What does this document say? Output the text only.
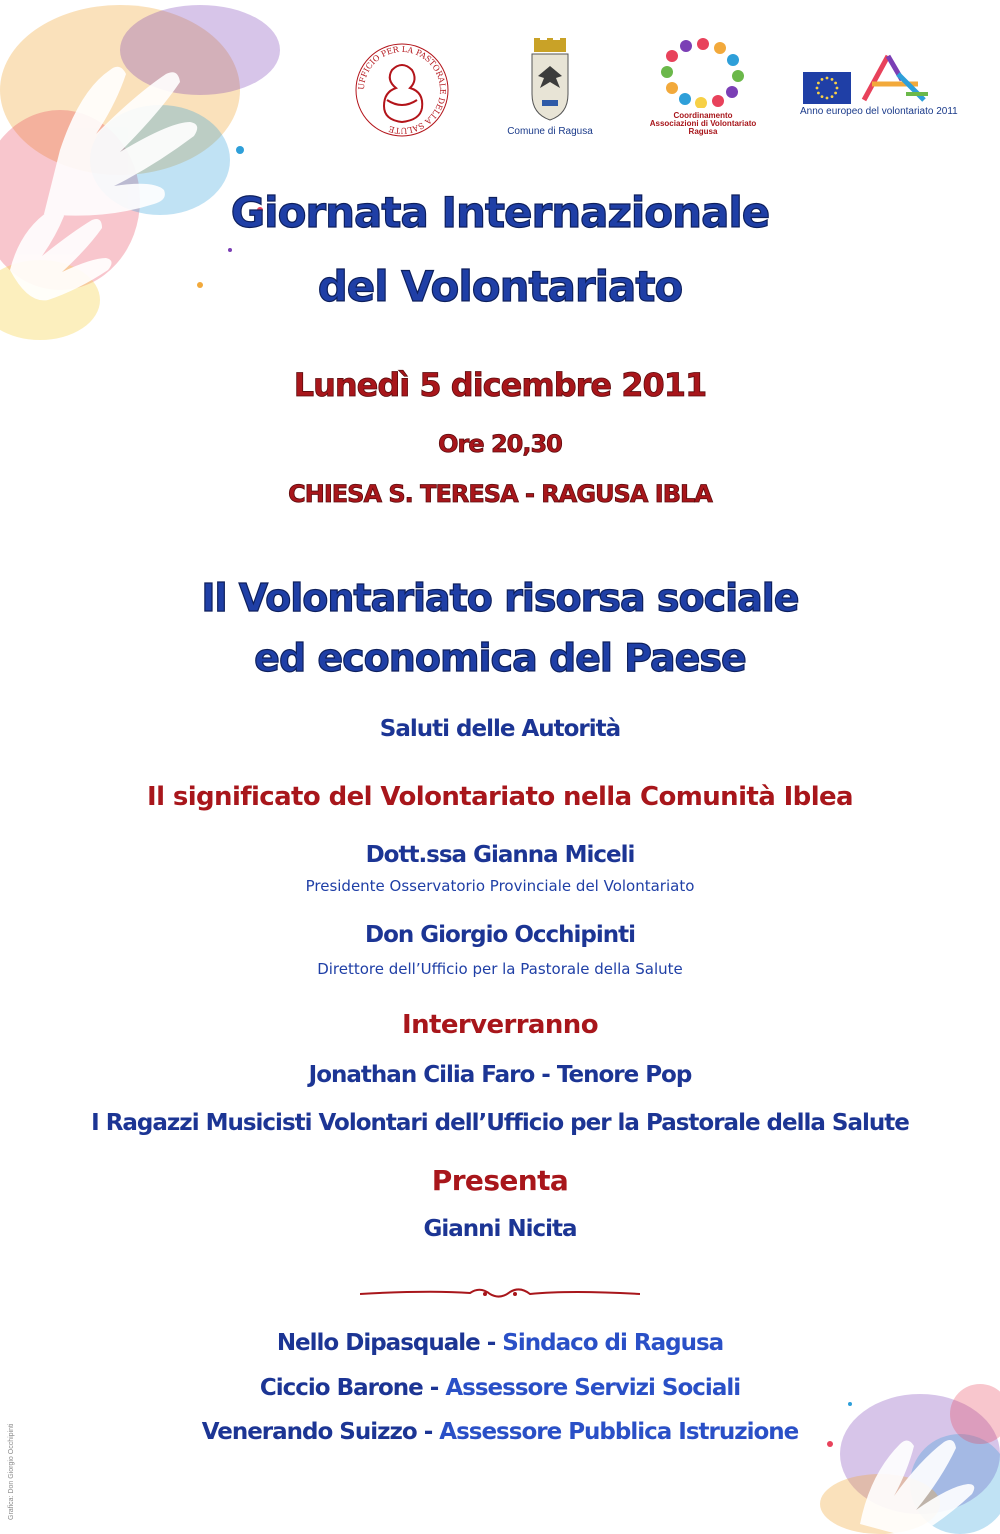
UFFICIO PER LA PASTORALE DELLA SALUTE	Comune di Ragusa
Coordinamento
Associazioni di Volontariato
Ragusa
Anno europeo del volontariato 2011
Giornata Internazionale
del Volontariato
Lunedì 5 dicembre 2011
Ore 20,30
CHIESA S. TERESA - RAGUSA IBLA
Il Volontariato risorsa sociale
ed economica del Paese
Saluti delle Autorità
Il significato del Volontariato nella Comunità Iblea
Dott.ssa Gianna Miceli
Presidente Osservatorio Provinciale del Volontariato
Don Giorgio Occhipinti
Direttore dell’Ufficio per la Pastorale della Salute
Interverranno
Jonathan Cilia Faro - Tenore Pop
I Ragazzi Musicisti Volontari dell’Ufficio per la Pastorale della Salute
Presenta
Gianni Nicita
Nello Dipasquale - Sindaco di Ragusa
Ciccio Barone - Assessore Servizi Sociali
Venerando Suizzo - Assessore Pubblica Istruzione
Grafica: Don Giorgio Occhipinti
